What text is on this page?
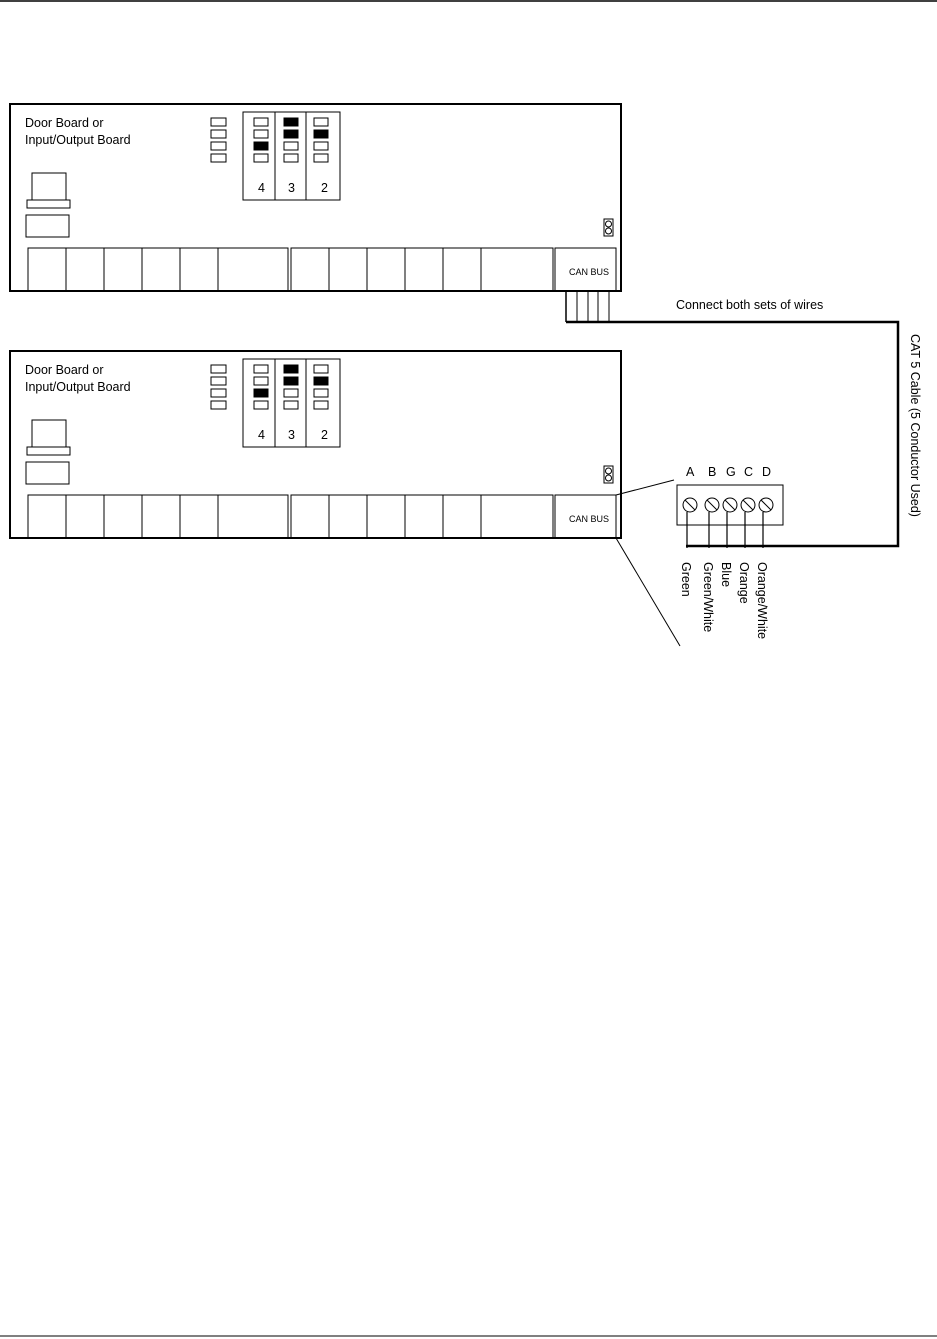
Door Board or
Input/Output Board
4 3 2
CAN BUS
Connect both sets of wires
CAT 5 Cable (5 Conductor Used)
Door Board or
Input/Output Board
4 3 2
CAN BUS
A B G C D
Green Green/White Blue Orange Orange/White
